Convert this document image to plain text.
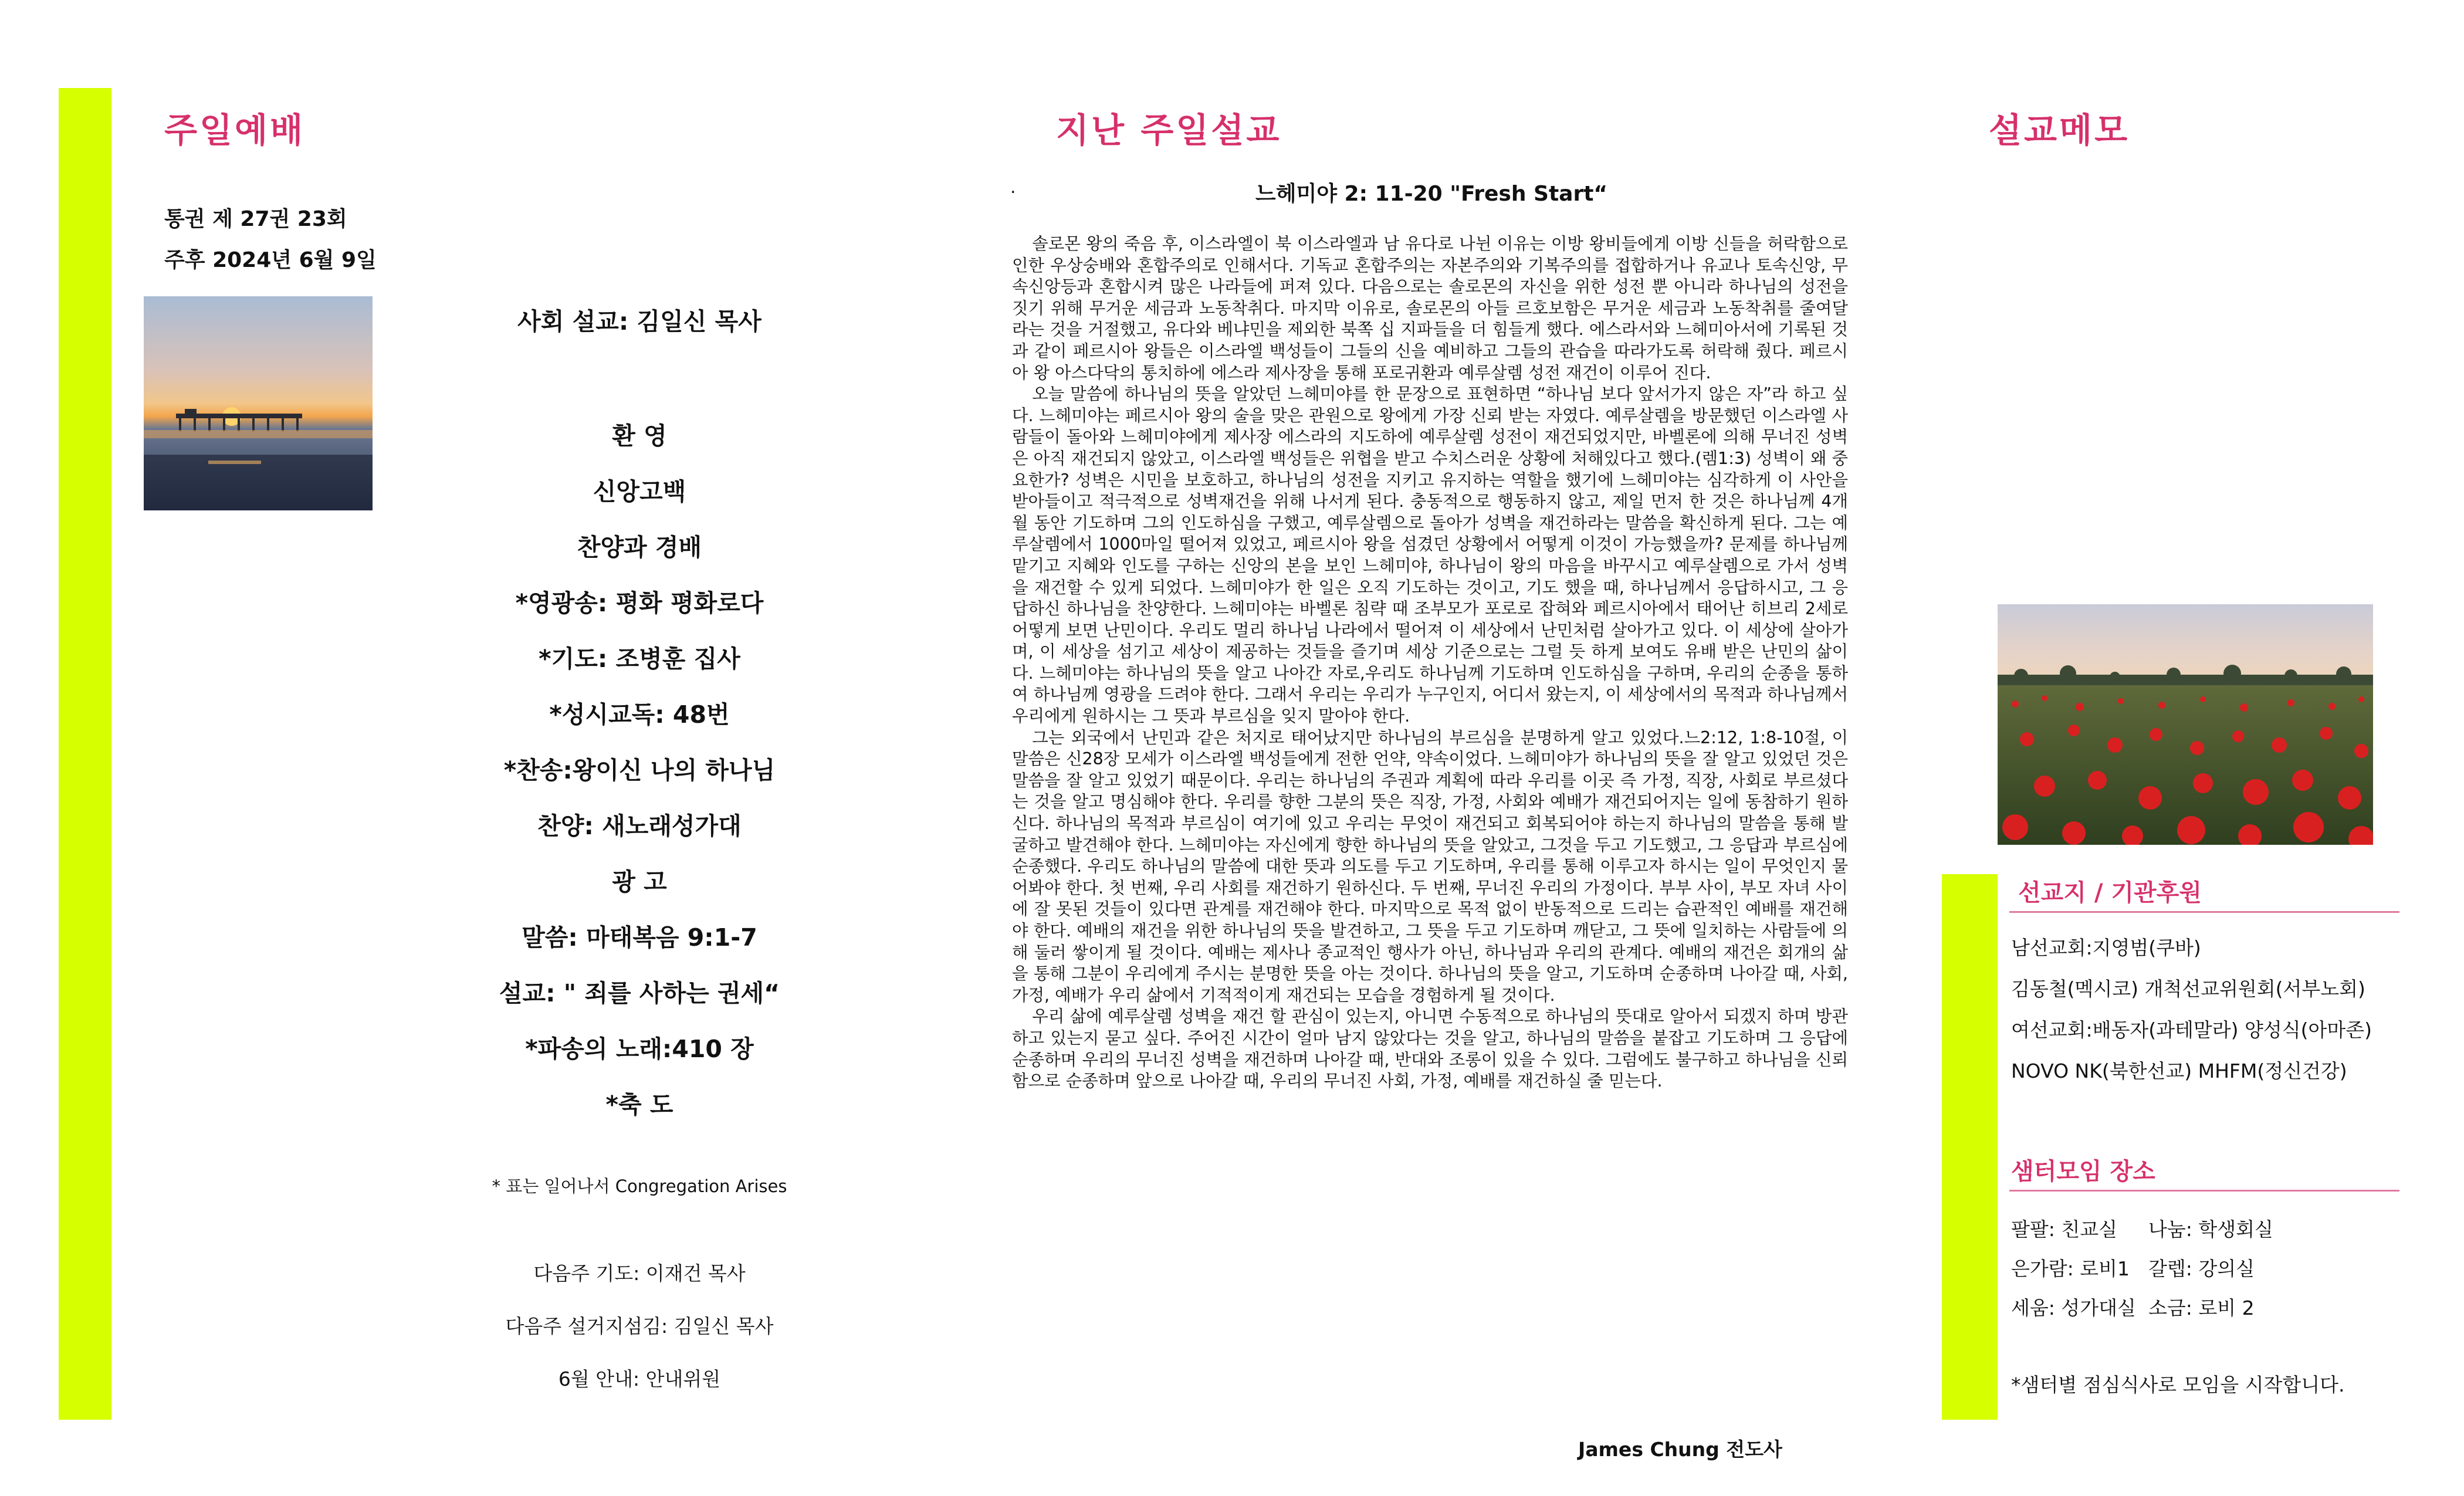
주일예배
통권 제 27권 23회
주후 2024년 6월 9일
사회 설교: 김일신 목사
환 영
신앙고백
찬양과 경배
*영광송: 평화 평화로다
*기도: 조병훈 집사
*성시교독: 48번
*찬송:왕이신 나의 하나님
찬양: 새노래성가대
광 고
말씀: 마태복음 9:1-7
설교: " 죄를 사하는 권세“
*파송의 노래:410 장
*축 도
* 표는 일어나서 Congregation Arises
다음주 기도: 이재건 목사
다음주 설거지섬김: 김일신 목사
6월 안내: 안내위원
지난 주일설교
.	느헤미야 2: 11-20 "Fresh Start“

솔로몬 왕의 죽음 후, 이스라엘이 북 이스라엘과 남 유다로 나뉜 이유는 이방 왕비들에게 이방 신들을 허락함으로 인한 우상숭배와 혼합주의로 인해서다. 기독교 혼합주의는 자본주의와 기복주의를 접합하거나 유교나 토속신앙, 무속신앙등과 혼합시켜 많은 나라들에 퍼져 있다. 다음으로는 솔로몬의 자신을 위한 성전 뿐 아니라 하나님의 성전을 짓기 위해 무거운 세금과 노동착취다. 마지막 이유로, 솔로몬의 아들 르호보함은 무거운 세금과 노동착취를 줄여달라는 것을 거절했고, 유다와 베냐민을 제외한 북쪽 십 지파들을 더 힘들게 했다. 에스라서와 느헤미아서에 기록된 것과 같이 페르시아 왕들은 이스라엘 백성들이 그들의 신을 예비하고 그들의 관습을 따라가도록 허락해 줬다. 페르시아 왕 아스다닥의 통치하에 에스라 제사장을 통해 포로귀환과 예루살렘 성전 재건이 이루어 진다.

오늘 말씀에 하나님의 뜻을 알았던 느헤미야를 한 문장으로 표현하면 “하나님 보다 앞서가지 않은 자”라 하고 싶다. 느헤미야는 페르시아 왕의 술을 맞은 관원으로 왕에게 가장 신뢰 받는 자였다. 예루살렘을 방문했던 이스라엘 사람들이 돌아와 느헤미야에게 제사장 에스라의 지도하에 예루살렘 성전이 재건되었지만, 바벨론에 의해 무너진 성벽은 아직 재건되지 않았고, 이스라엘 백성들은 위협을 받고 수치스러운 상황에 처해있다고 했다.(렘1:3) 성벽이 왜 중요한가? 성벽은 시민을 보호하고, 하나님의 성전을 지키고 유지하는 역할을 했기에 느헤미야는 심각하게 이 사안을 받아들이고 적극적으로 성벽재건을 위해 나서게 된다. 충동적으로 행동하지 않고, 제일 먼저 한 것은 하나님께 4개월 동안 기도하며 그의 인도하심을 구했고, 예루살렘으로 돌아가 성벽을 재건하라는 말씀을 확신하게 된다. 그는 예루살렘에서 1000마일 떨어져 있었고, 페르시아 왕을 섬겼던 상황에서 어떻게 이것이 가능했을까? 문제를 하나님께 맡기고 지혜와 인도를 구하는 신앙의 본을 보인 느헤미야, 하나님이 왕의 마음을 바꾸시고 예루살렘으로 가서 성벽을 재건할 수 있게 되었다. 느헤미야가 한 일은 오직 기도하는 것이고, 기도 했을 때, 하나님께서 응답하시고, 그 응답하신 하나님을 찬양한다. 느헤미야는 바벨론 침략 때 조부모가 포로로 잡혀와 페르시아에서 태어난 히브리 2세로 어떻게 보면 난민이다. 우리도 멀리 하나님 나라에서 떨어져 이 세상에서 난민처럼 살아가고 있다. 이 세상에 살아가며, 이 세상을 섬기고 세상이 제공하는 것들을 즐기며 세상 기준으로는 그럴 듯 하게 보여도 유배 받은 난민의 삶이다. 느헤미야는 하나님의 뜻을 알고 나아간 자로,우리도 하나님께 기도하며 인도하심을 구하며, 우리의 순종을 통하여 하나님께 영광을 드려야 한다. 그래서 우리는 우리가 누구인지, 어디서 왔는지, 이 세상에서의 목적과 하나님께서 우리에게 원하시는 그 뜻과 부르심을 잊지 말아야 한다.

그는 외국에서 난민과 같은 처지로 태어났지만 하나님의 부르심을 분명하게 알고 있었다.느2:12, 1:8-10절, 이 말씀은 신28장 모세가 이스라엘 백성들에게 전한 언약, 약속이었다. 느헤미야가 하나님의 뜻을 잘 알고 있었던 것은 말씀을 잘 알고 있었기 때문이다. 우리는 하나님의 주권과 계획에 따라 우리를 이곳 즉 가정, 직장, 사회로 부르셨다는 것을 알고 명심해야 한다. 우리를 향한 그분의 뜻은 직장, 가정, 사회와 예배가 재건되어지는 일에 동참하기 원하신다. 하나님의 목적과 부르심이 여기에 있고 우리는 무엇이 재건되고 회복되어야 하는지 하나님의 말씀을 통해 발굴하고 발견해야 한다. 느헤미야는 자신에게 향한 하나님의 뜻을 알았고, 그것을 두고 기도했고, 그 응답과 부르심에 순종했다. 우리도 하나님의 말씀에 대한 뜻과 의도를 두고 기도하며, 우리를 통해 이루고자 하시는 일이 무엇인지 물어봐야 한다. 첫 번째, 우리 사회를 재건하기 원하신다. 두 번째, 무너진 우리의 가정이다. 부부 사이, 부모 자녀 사이에 잘 못된 것들이 있다면 관계를 재건해야 한다. 마지막으로 목적 없이 반동적으로 드리는 습관적인 예배를 재건해야 한다. 예배의 재건을 위한 하나님의 뜻을 발견하고, 그 뜻을 두고 기도하며 깨닫고, 그 뜻에 일치하는 사람들에 의해 둘러 쌓이게 될 것이다. 예배는 제사나 종교적인 행사가 아닌, 하나님과 우리의 관계다. 예배의 재건은 회개의 삶을 통해 그분이 우리에게 주시는 분명한 뜻을 아는 것이다. 하나님의 뜻을 알고, 기도하며 순종하며 나아갈 때, 사회, 가정, 예배가 우리 삶에서 기적적이게 재건되는 모습을 경험하게 될 것이다.

우리 삶에 예루살렘 성벽을 재건 할 관심이 있는지, 아니면 수동적으로 하나님의 뜻대로 알아서 되겠지 하며 방관하고 있는지 묻고 싶다. 주어진 시간이 얼마 남지 않았다는 것을 알고, 하나님의 말씀을 붙잡고 기도하며 그 응답에 순종하며 우리의 무너진 성벽을 재건하며 나아갈 때, 반대와 조롱이 있을 수 있다. 그럼에도 불구하고 하나님을 신뢰함으로 순종하며 앞으로 나아갈 때, 우리의 무너진 사회, 가정, 예배를 재건하실 줄 믿는다.

James Chung 전도사
설교메모
선교지 / 기관후원
남선교회:지영범(쿠바)
김동철(멕시코) 개척선교위원회(서부노회)
여선교회:배동자(과테말라) 양성식(아마존)
NOVO NK(북한선교) MHFM(정신건강)
샘터모임 장소
팔팔: 친교실 나눔: 학생회실
은가람: 로비1 갈렙: 강의실
세움: 성가대실 소금: 로비 2
*샘터별 점심식사로 모임을 시작합니다.
